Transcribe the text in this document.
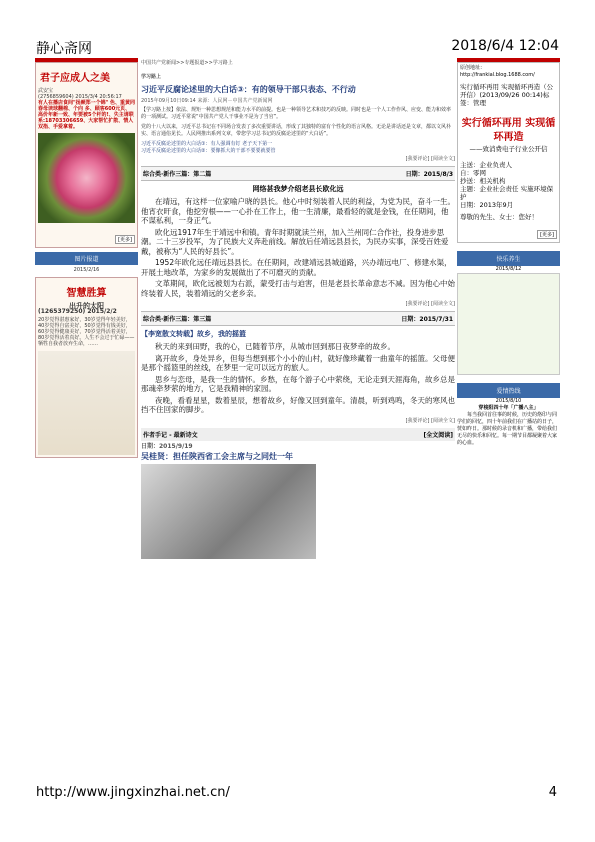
静心斋网	2018/6/4 12:04
君子应成人之美
武安宝
(2756859604) 2015/3/4 20:56:17
有人在播店食间"扬颜郑一个锦" 色、重黄同春母读球翻棉、个向 多、顾客600元页、高价年新一致、年要被5个杆的!、失主请联系:18703306659、大家帮忙扩散、情人双指、手爱拿着。
[更多]
图片报道
2015/2/16
智慧胜算
出升的太阳
(1265379250) 2015/2/2
20岁觉得湛惠家好，30岁觉得年轻美好，40岁觉得自富美好，50岁觉得有钱美好，60岁觉得健康美好，70岁觉得活着美好，80岁觉得活着真好。人生不会过于忙碌——牺牲自我者放弃生命，……
中国共产党新闻>>专题报道>>学习路上
学习路上
习近平反腐论述里的大白话③：有的领导干部只表态、不行动
2015年09月10日09:14 来源：人民网－中国共产党新闻网
【学习路上按】依法、规矩一种思想规范和能力水平的前提。也是一种领导艺术和技巧的反映。同时也是一个人工作作风、应变、能力和效率的一项测试。习近平常说“中国共产党人干事业不是为了当官”。
党的十八大以来，习近平总书记在不同场合发表了多次重要讲话，形成了其独特的富有个性化的语言风格。无论是讲话还是文章，都以文风朴实、语言通俗见长。人民网推出系列文章，带您学习总书记的反腐论述里的“大白话”。
习近平反腐论述里的大白话①：有人强调有钉 老子天下第一
习近平反腐论述里的大白话②：要像抓大的干部不要要就要管
[我要评论] [阅读全文]
综合类·新作三篇：第二篇	日期：2015/8/3
网络甚我梦介绍老县长欧化远
在靖远，有这样一位家喻户晓的县长。他心中时刻装着人民的利益，为党为民，奋斗一生。他宵衣旰食，他挖穷根——一心扑在工作上，他一生清廉，最看轻的就是金钱，在任期间，他不谋私利，一身正气。
欧化远1917年生于靖远中和镇。青年时期就读兰州，加入兰州同仁合作社，投身进步思潮。二十三岁投军，为了民族大义奔赴前线。解放后任靖远县县长，为民办实事，深受百姓爱戴，被称为“人民的好县长”。
1952年欧化远任靖远县县长。在任期间，改建靖远县城道路，兴办靖远电厂、修建水渠，开展土地改革，为家乡的发展做出了不可磨灭的贡献。
文革期间，欧化远被划为右派，蒙受打击与迫害，但是老县长革命意志不减。因为他心中始终装着人民，装着靖远的父老乡亲。
[我要评论] [阅读全文]
综合类·新作三篇：第三篇	日期：2015/7/31
【李宽散文转载】故乡，我的摇篮
秋天的来到田野，我的心，已随着节序，从城市回到那日夜梦牵的故乡。
离开故乡，身处异乡，但每当想到那个小小的山村，就好像珍藏着一曲童年的摇篮。父母便是那个摇篮里的丝线，在梦里一定可以远方的旅人。
思乡与恋母，是我一生的情怀。乡愁，在每个游子心中萦绕，无论走到天涯海角，故乡总是那魂牵梦萦的地方，它是我精神的家园。
夜晚，看看星星，数着星辰，想着故乡，好像又回到童年。清晨，听到鸡鸣，冬天的寒风也挡不住回家的脚步。
[我要评论] [阅读全文]
作者手记 - 最新诗文	[全文阅读]
日期：2015/9/19
吴桂贤：担任陕西省工会主席与之同灶一年
原创地址：http://frankial.blog.1688.com/
实行循环再用 实现循环再造（公开信）(2013/09/26 00:14)标签：管理
实行循环再用 实现循环再造
——致消费电子行业公开信
主送：企业负责人
自：零网
抄送：相关机构
主题：企业社会责任 实施环境保护
日期：2013年9月
尊敬的先生、女士：您好！
[更多]
快乐养生
2015/8/12
爱情热线
2015/8/10
穿梭阳四十年「广播八主」
每当我回首往事的时候，历史的烙印与同学们的回忆，四十年前我们在广播站的日子，恍如昨日。那时候的录音机和广播，带给我们无尽的快乐和回忆。每一期节目都凝聚着大家的心血。
http://www.jingxinzhai.net.cn/	4
